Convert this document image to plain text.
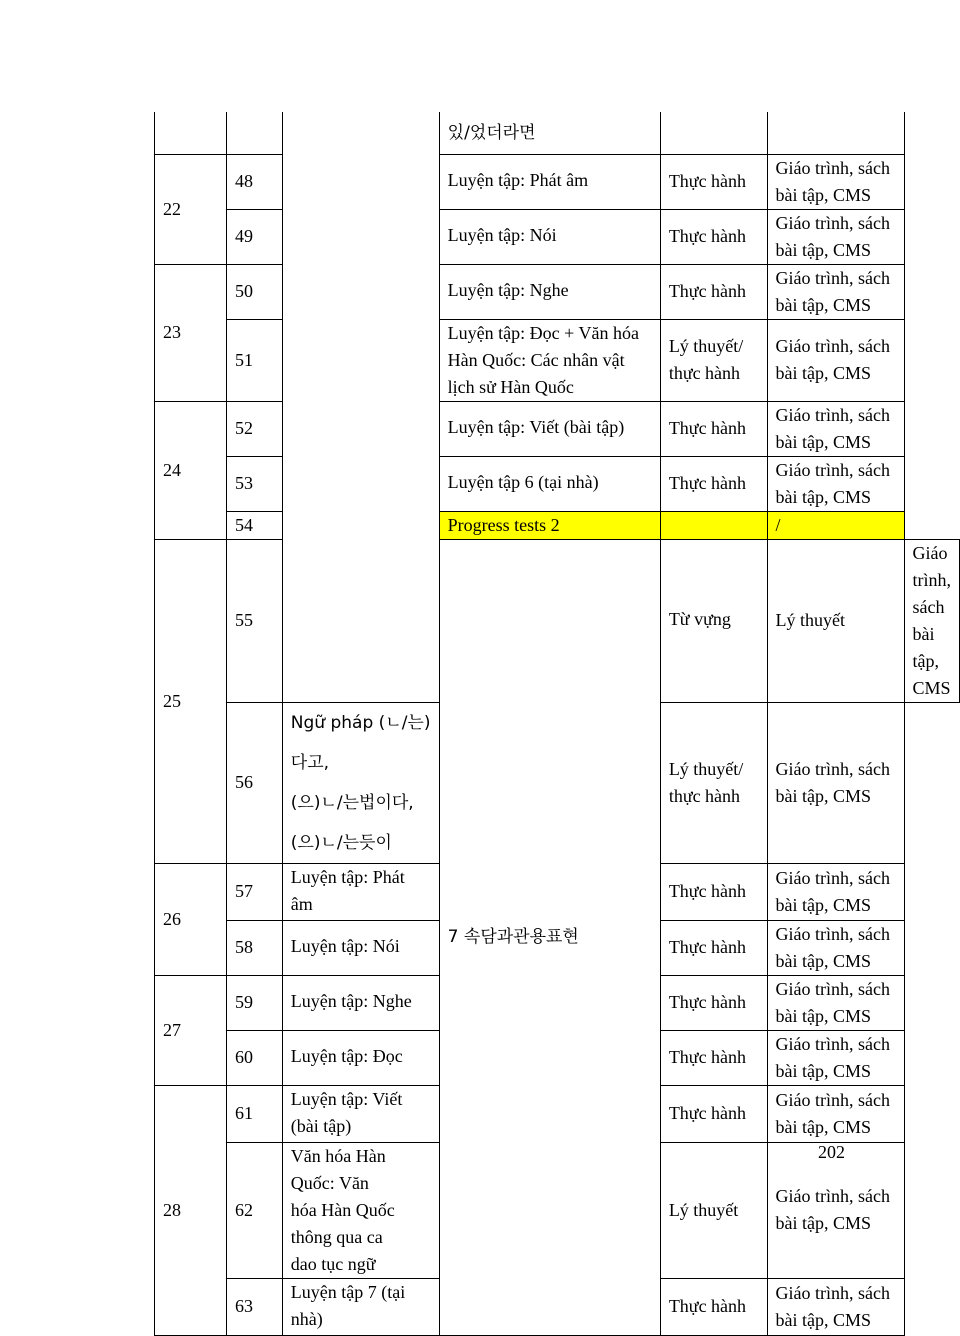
			있/었더라면			
22	48		Luyện tập: Phát âm	Thực hành	Giáo trình, sách
bài tập, CMS	

	49		Luyện tập: Nói	Thực hành	Giáo trình, sách
bài tập, CMS	

23	50		Luyện tập: Nghe	Thực hành	Giáo trình, sách
bài tập, CMS	

	51		Luyện tập: Đọc + Văn hóa
Hàn Quốc: Các nhân vật
lịch sử Hàn Quốc	Lý thuyết/
thực hành	Giáo trình, sách
bài tập, CMS	

24	52		Luyện tập: Viết (bài tập)	Thực hành	Giáo trình, sách
bài tập, CMS	

	53		Luyện tập 6 (tại nhà)	Thực hành	Giáo trình, sách
bài tập, CMS	

	54		Progress tests 2		/	
25	55		7 속담과관용표현	Từ vựng	Lý thuyết	Giáo trình, sách
bài tập, CMS

	56	Ngữ pháp (ㄴ/는)다고,
(으)ㄴ/는법이다,
(으)ㄴ/는듯이		Lý thuyết/
thực hành	Giáo trình, sách
bài tập, CMS	

26	57	Luyện tập: Phát âm		Thực hành	Giáo trình, sách
bài tập, CMS	

	58	Luyện tập: Nói		Thực hành	Giáo trình, sách
bài tập, CMS	

27	59	Luyện tập: Nghe		Thực hành	Giáo trình, sách
bài tập, CMS	

	60	Luyện tập: Đọc		Thực hành	Giáo trình, sách
bài tập, CMS	

28	61	Luyện tập: Viết (bài tập)		Thực hành	Giáo trình, sách
bài tập, CMS	

	62	Văn hóa Hàn Quốc: Văn
hóa Hàn Quốc thông qua ca
dao tục ngữ		Lý thuyết	Giáo trình, sách
bài tập, CMS	

	63	Luyện tập 7 (tại nhà)		Thực hành	Giáo trình, sách
bài tập, CMS	
202
